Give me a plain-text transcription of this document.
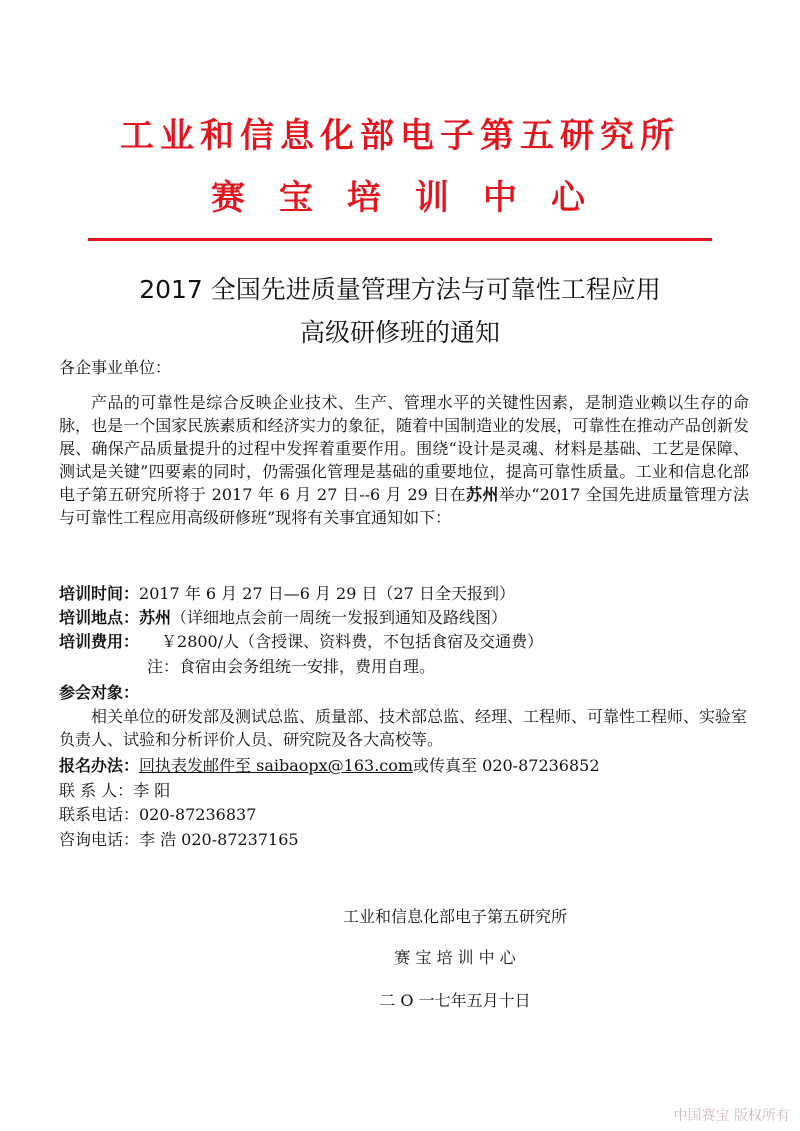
工业和信息化部电子第五研究所
赛宝培训中心
2017 全国先进质量管理方法与可靠性工程应用
高级研修班的通知
各企事业单位：
产品的可靠性是综合反映企业技术、生产、管理水平的关键性因素，是制造业赖以生存的命脉，也是一个国家民族素质和经济实力的象征，随着中国制造业的发展，可靠性在推动产品创新发展、确保产品质量提升的过程中发挥着重要作用。围绕“设计是灵魂、材料是基础、工艺是保障、测试是关键”四要素的同时，仍需强化管理是基础的重要地位，提高可靠性质量。工业和信息化部电子第五研究所将于 2017 年 6 月 27 日--6 月 29 日在苏州举办“2017 全国先进质量管理方法与可靠性工程应用高级研修班”现将有关事宜通知如下：
培训时间：2017 年 6 月 27 日—6 月 29 日（27 日全天报到）
培训地点：苏州（详细地点会前一周统一发报到通知及路线图）
培训费用： ￥2800/人（含授课、资料费，不包括食宿及交通费）
注：食宿由会务组统一安排，费用自理。
参会对象：
相关单位的研发部及测试总监、质量部、技术部总监、经理、工程师、可靠性工程师、实验室负责人、试验和分析评价人员、研究院及各大高校等。
报名办法：回执表发邮件至 saibaopx@163.com或传真至 020-87236852
联 系 人：李 阳
联系电话：020-87236837
咨询电话：李 浩 020-87237165
工业和信息化部电子第五研究所
赛 宝 培 训 中 心
二 O 一七年五月十日
中国赛宝 版权所有
